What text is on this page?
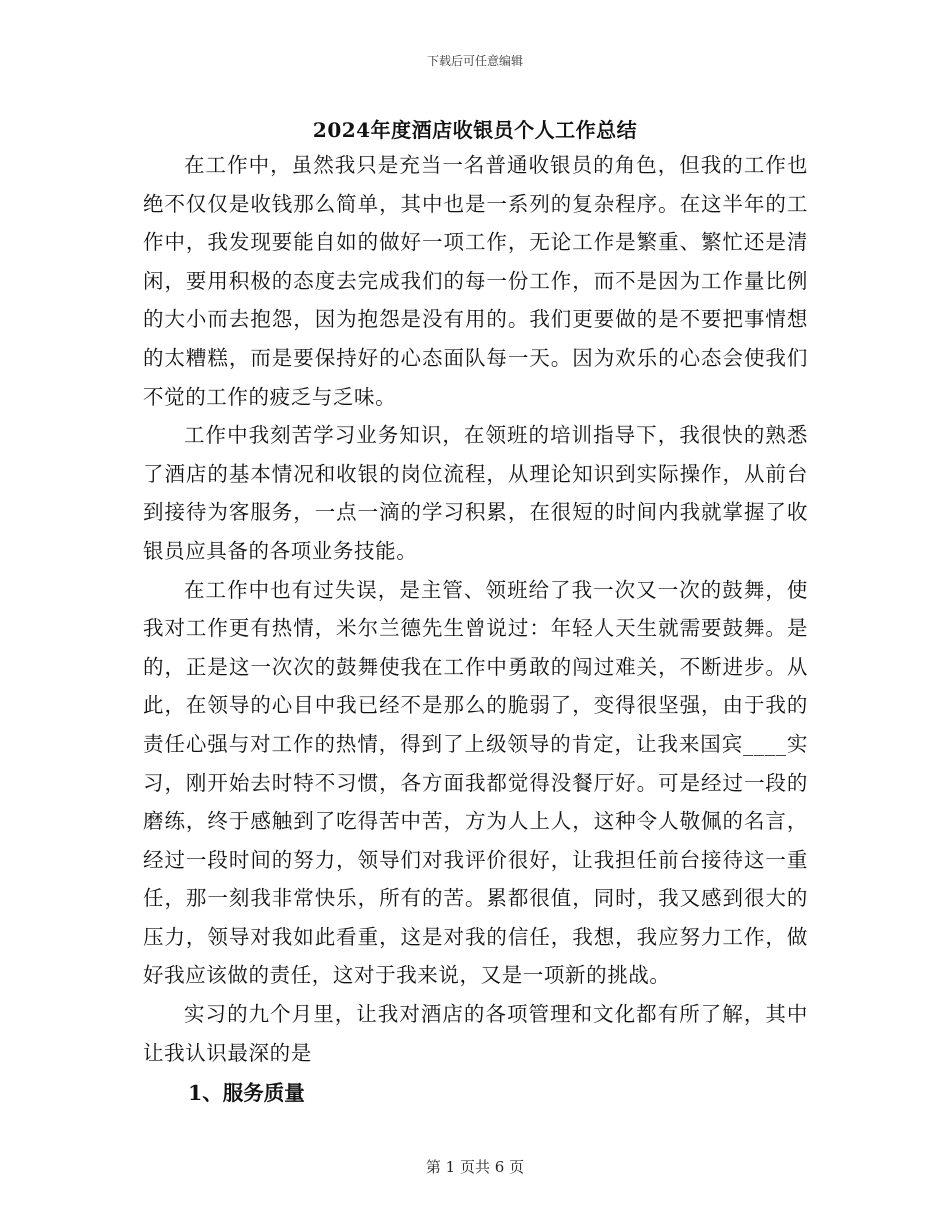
下载后可任意编辑
2024年度酒店收银员个人工作总结

在工作中，虽然我只是充当一名普通收银员的角色，但我的工作也绝不仅仅是收钱那么简单，其中也是一系列的复杂程序。在这半年的工作中，我发现要能自如的做好一项工作，无论工作是繁重、繁忙还是清闲，要用积极的态度去完成我们的每一份工作，而不是因为工作量比例的大小而去抱怨，因为抱怨是没有用的。我们更要做的是不要把事情想的太糟糕，而是要保持好的心态面队每一天。因为欢乐的心态会使我们不觉的工作的疲乏与乏味。

工作中我刻苦学习业务知识，在领班的培训指导下，我很快的熟悉了酒店的基本情况和收银的岗位流程，从理论知识到实际操作，从前台到接待为客服务，一点一滴的学习积累，在很短的时间内我就掌握了收银员应具备的各项业务技能。

在工作中也有过失误，是主管、领班给了我一次又一次的鼓舞，使我对工作更有热情，米尔兰德先生曾说过：年轻人天生就需要鼓舞。是的，正是这一次次的鼓舞使我在工作中勇敢的闯过难关，不断进步。从此，在领导的心目中我已经不是那么的脆弱了，变得很坚强，由于我的责任心强与对工作的热情，得到了上级领导的肯定，让我来国宾____实习，刚开始去时特不习惯，各方面我都觉得没餐厅好。可是经过一段的磨练，终于感触到了吃得苦中苦，方为人上人，这种令人敬佩的名言，经过一段时间的努力，领导们对我评价很好，让我担任前台接待这一重任，那一刻我非常快乐，所有的苦。累都很值，同时，我又感到很大的压力，领导对我如此看重，这是对我的信任，我想，我应努力工作，做好我应该做的责任，这对于我来说，又是一项新的挑战。

实习的九个月里，让我对酒店的各项管理和文化都有所了解，其中让我认识最深的是

1、服务质量
第 1 页共 6 页
